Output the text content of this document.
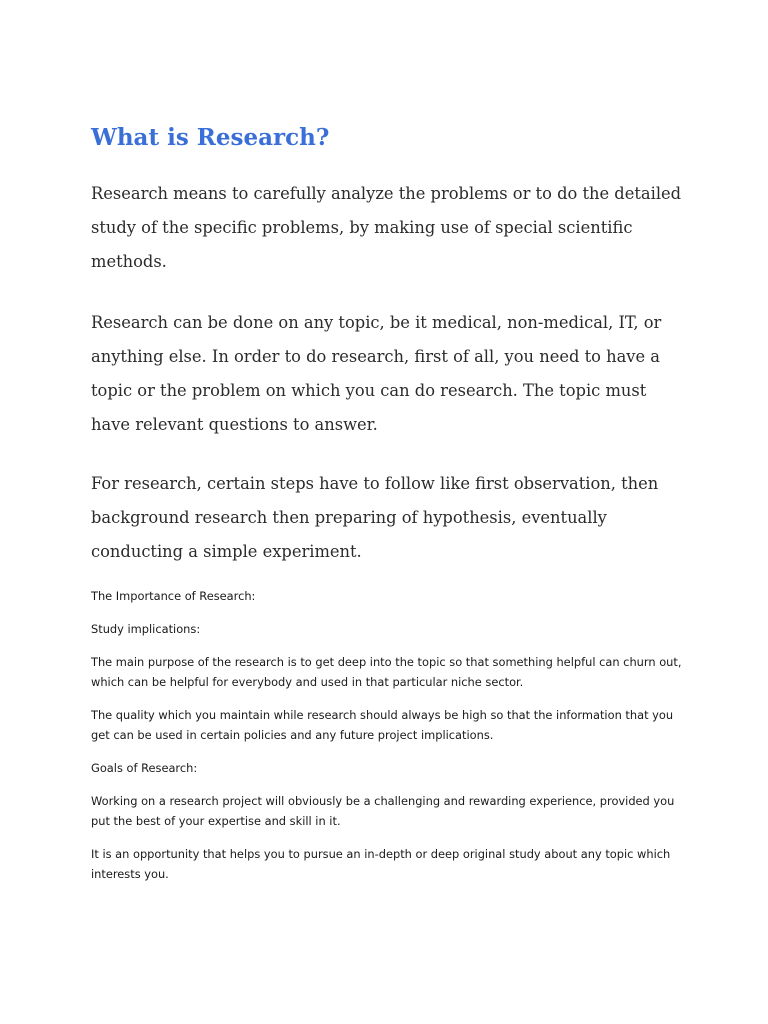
What is Research?

Research means to carefully analyze the problems or to do the detailed
study of the specific problems, by making use of special scientific
methods.

Research can be done on any topic, be it medical, non-medical, IT, or
anything else. In order to do research, first of all, you need to have a
topic or the problem on which you can do research. The topic must
have relevant questions to answer.

For research, certain steps have to follow like first observation, then
background research then preparing of hypothesis, eventually
conducting a simple experiment.

The Importance of Research:

Study implications:

The main purpose of the research is to get deep into the topic so that something helpful can churn out,
which can be helpful for everybody and used in that particular niche sector.

The quality which you maintain while research should always be high so that the information that you
get can be used in certain policies and any future project implications.

Goals of Research:

Working on a research project will obviously be a challenging and rewarding experience, provided you
put the best of your expertise and skill in it.

It is an opportunity that helps you to pursue an in-depth or deep original study about any topic which
interests you.
